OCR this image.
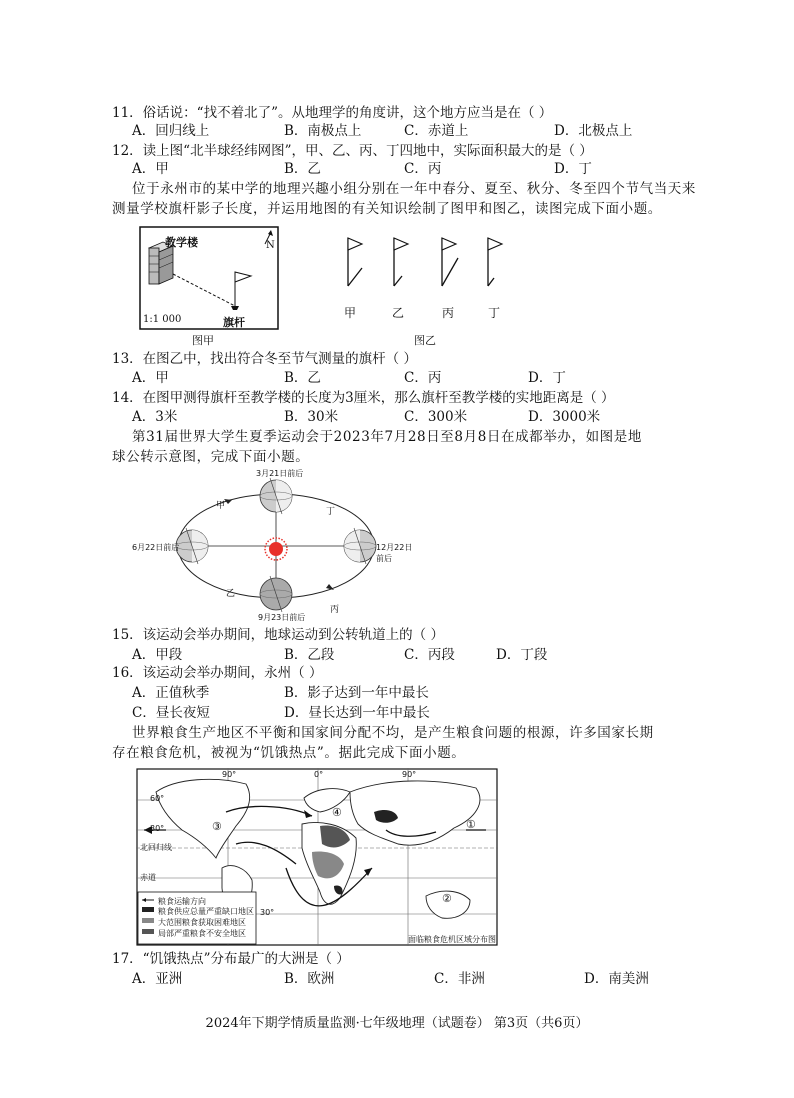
11．俗话说：“找不着北了”。从地理学的角度讲，这个地方应当是在（ ）
A．回归线上	B．南极点上	C．赤道上	D．北极点上
12．读上图“北半球经纬网图”，甲、乙、丙、丁四地中，实际面积最大的是（ ）
A．甲	B．乙	C．丙	D．丁
位于永州市的某中学的地理兴趣小组分别在一年中春分、夏至、秋分、冬至四个节气当天来
测量学校旗杆影子长度，并运用地图的有关知识绘制了图甲和图乙，读图完成下面小题。
教学楼	N
旗杆
1:1 000
图甲
甲	乙	丙	丁
图乙
13．在图乙中，找出符合冬至节气测量的旗杆（ ）
A．甲	B．乙	C．丙	D．丁
14．在图甲测得旗杆至教学楼的长度为3厘米，那么旗杆至教学楼的实地距离是（ ）
A．3米	B．30米	C．300米	D．3000米
第31届世界大学生夏季运动会于2023年7月28日至8月8日在成都举办，如图是地
球公转示意图，完成下面小题。
3月21日前后
6月22日前后	12月22日前后
9月23日前后
甲
乙
丙
丁
15．该运动会举办期间，地球运动到公转轨道上的（ ）
A．甲段	B．乙段	C．丙段	D．丁段
16．该运动会举办期间，永州（ ）
A．正值秋季	B．影子达到一年中最长
C．昼长夜短	D．昼长达到一年中最长
世界粮食生产地区不平衡和国家间分配不均，是产生粮食问题的根源，许多国家长期
存在粮食危机，被视为“饥饿热点”。据此完成下面小题。
90°	0°	90°
60°
30°
北回归线
赤道
30°
①
②
③
④
粮食运输方向
粮食供应总量严重缺口地区
大范围粮食获取困难地区
局部严重粮食不安全地区
面临粮食危机区域分布图
17．“饥饿热点”分布最广的大洲是（ ）
A．亚洲	B．欧洲	C．非洲	D．南美洲
2024年下期学情质量监测·七年级地理（试题卷） 第3页（共6页）
